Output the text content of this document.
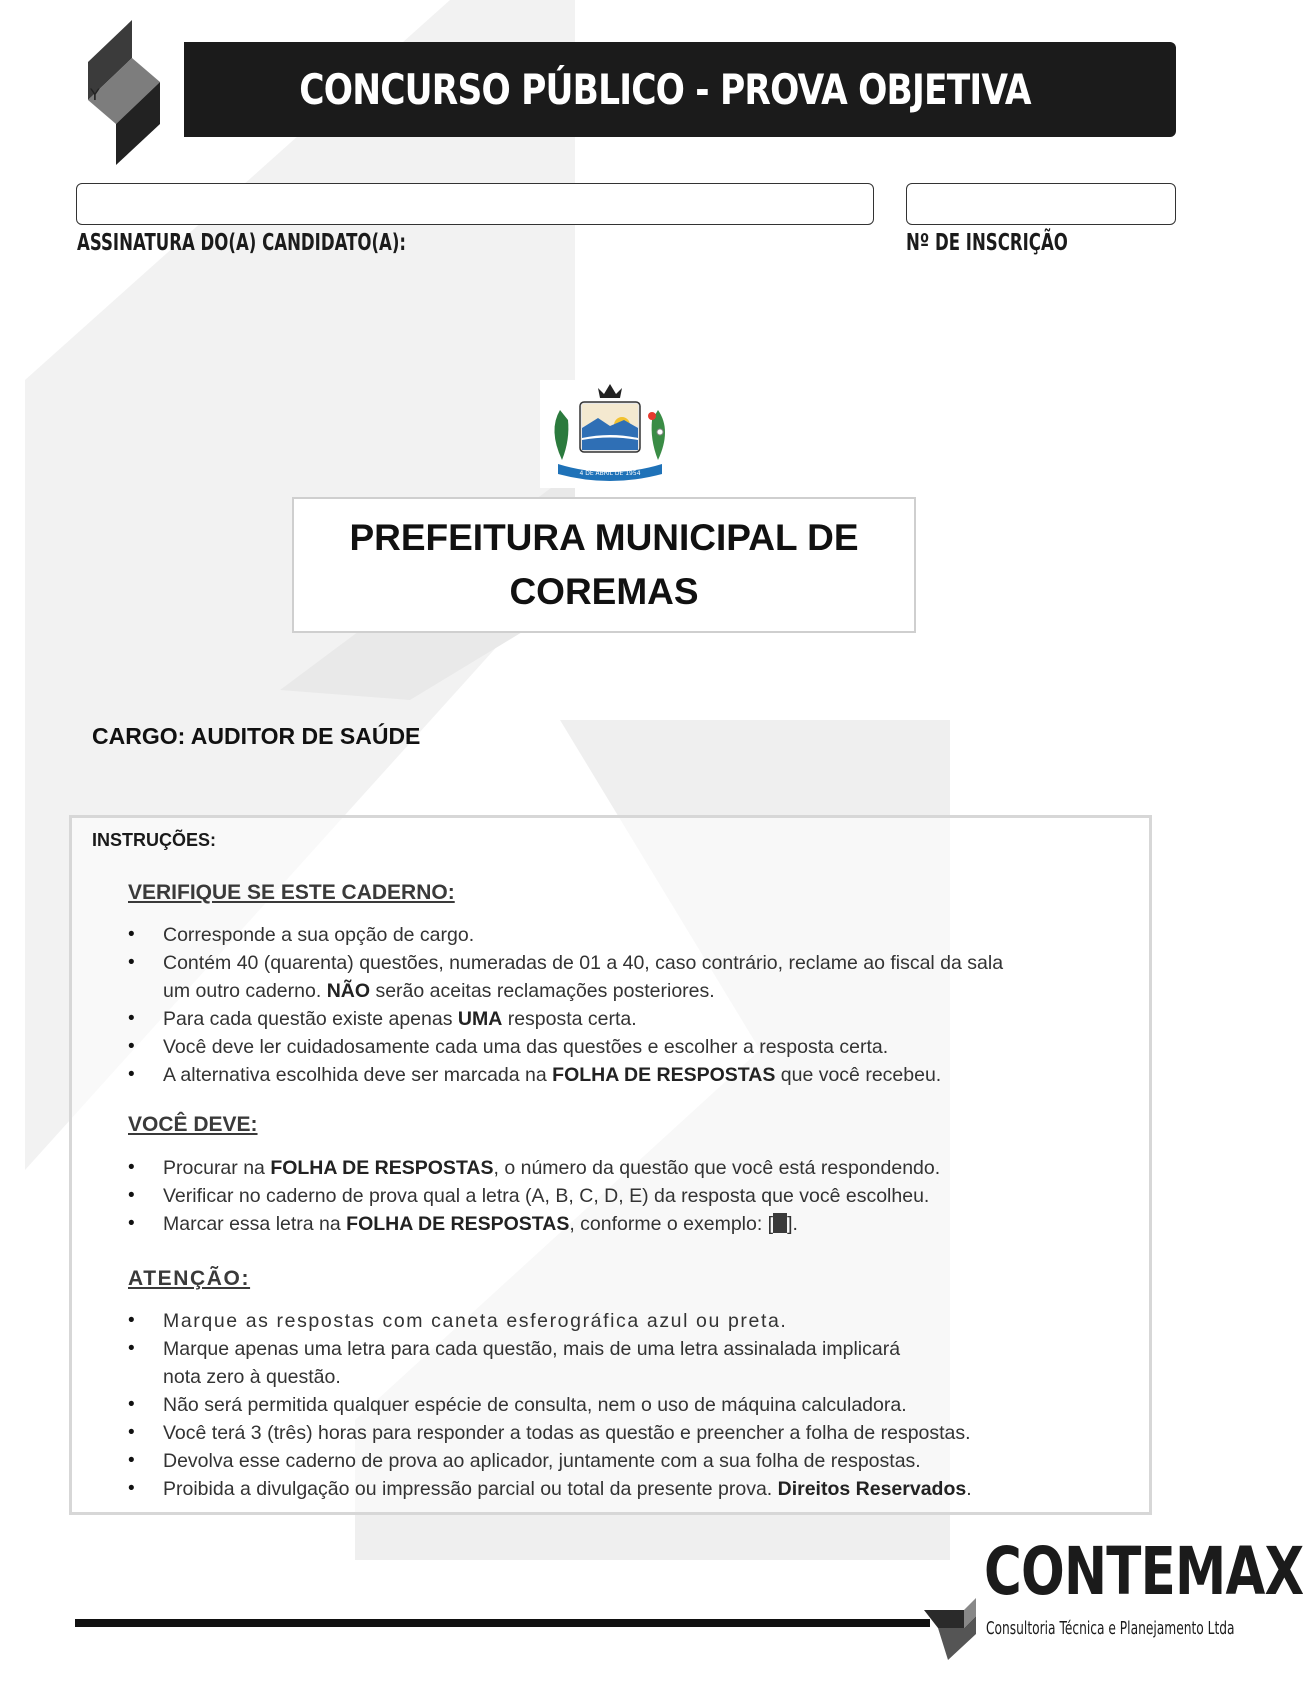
Y	CONCURSO PÚBLICO - PROVA OBJETIVA
ASSINATURA DO(A) CANDIDATO(A):	Nº DE INSCRIÇÃO
4 DE ABRIL DE 1954
PREFEITURA MUNICIPAL DE
COREMAS
CARGO: AUDITOR DE SAÚDE
INSTRUÇÕES:
VERIFIQUE SE ESTE CADERNO:
• Corresponde a sua opção de cargo.
• Contém 40 (quarenta) questões, numeradas de 01 a 40, caso contrário, reclame ao fiscal da sala um outro caderno. NÃO serão aceitas reclamações posteriores.
• Para cada questão existe apenas UMA resposta certa.
• Você deve ler cuidadosamente cada uma das questões e escolher a resposta certa.
• A alternativa escolhida deve ser marcada na FOLHA DE RESPOSTAS que você recebeu.
VOCÊ DEVE:
• Procurar na FOLHA DE RESPOSTAS, o número da questão que você está respondendo.
• Verificar no caderno de prova qual a letra (A, B, C, D, E) da resposta que você escolheu.
• Marcar essa letra na FOLHA DE RESPOSTAS, conforme o exemplo: [ ].
ATENÇÃO:
• Marque as respostas com caneta esferográfica azul ou preta.
• Marque apenas uma letra para cada questão, mais de uma letra assinalada implicará nota zero à questão.
• Não será permitida qualquer espécie de consulta, nem o uso de máquina calculadora.
• Você terá 3 (três) horas para responder a todas as questão e preencher a folha de respostas.
• Devolva esse caderno de prova ao aplicador, juntamente com a sua folha de respostas.
• Proibida a divulgação ou impressão parcial ou total da presente prova. Direitos Reservados.
CONTEMAX
Consultoria Técnica e Planejamento Ltda
